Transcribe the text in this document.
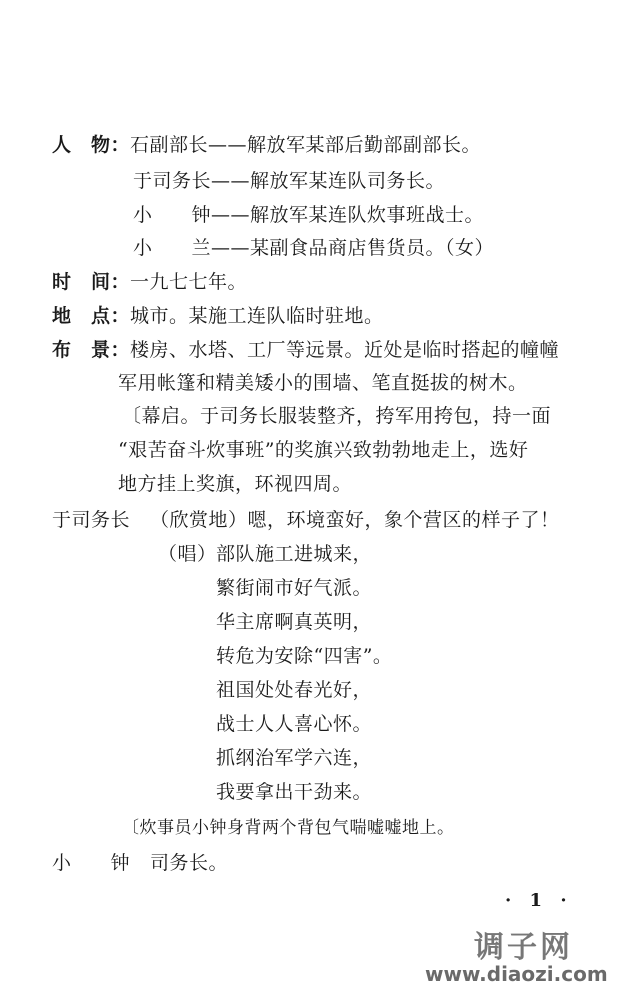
人　物： 石副部长——解放军某部后勤部副部长。
于司务长——解放军某连队司务长。
小　　钟——解放军某连队炊事班战士。
小　　兰——某副食品商店售货员。（女）
时　间： 一九七七年。
地　点： 城市。某施工连队临时驻地。
布　景： 楼房、水塔、工厂等远景。近处是临时搭起的幢幢
军用帐篷和精美矮小的围墙、笔直挺拔的树木。
〔幕启。于司务长服装整齐，挎军用挎包，持一面
“艰苦奋斗炊事班”的奖旗兴致勃勃地走上，选好
地方挂上奖旗，环视四周。
于司务长 （欣赏地）嗯，环境蛮好，象个营区的样子了！
（唱） 部队施工进城来，
繁街闹市好气派。
华主席啊真英明，
转危为安除“四害”。
祖国处处春光好，
战士人人喜心怀。
抓纲治军学六连，
我要拿出干劲来。
〔炊事员小钟身背两个背包气喘嘘嘘地上。
小　　钟 司务长。
· 1 ·
调子网
www.diaozi.com
